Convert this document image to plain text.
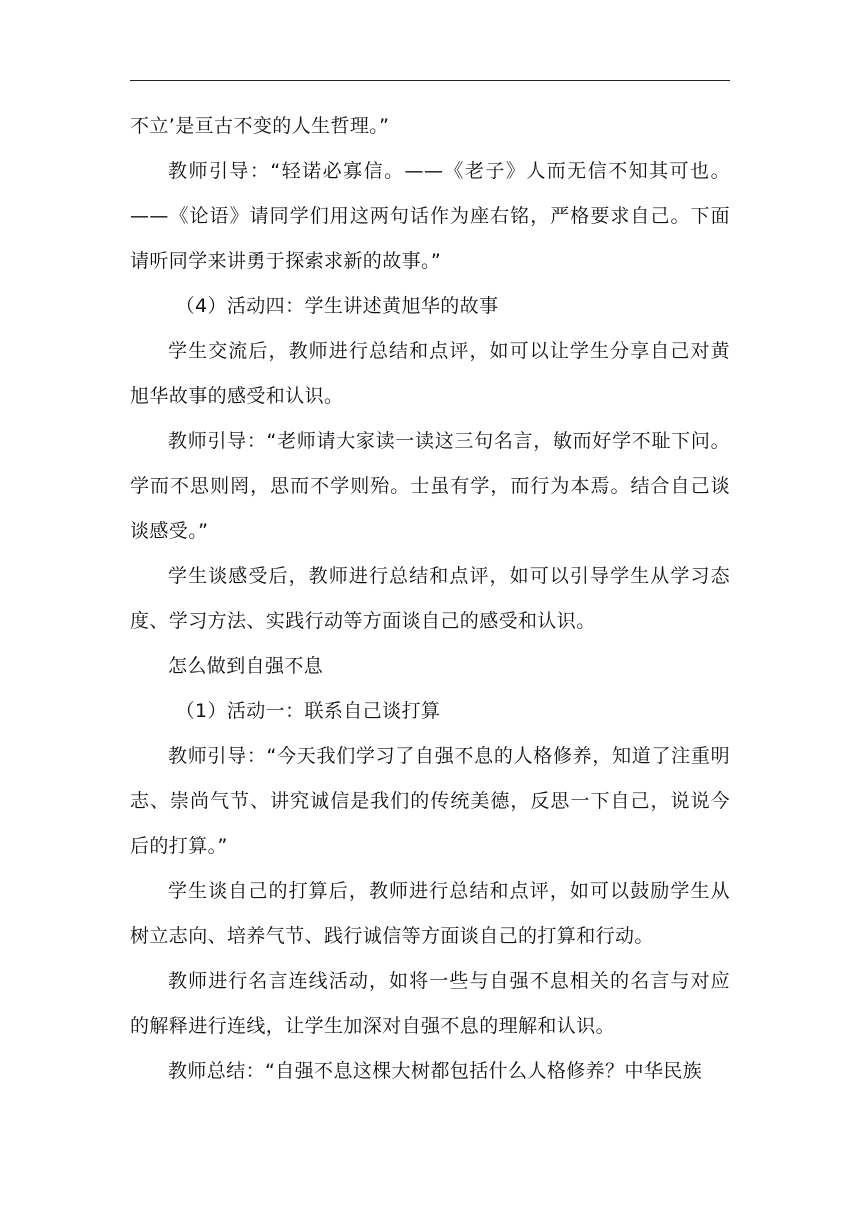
不立’是亘古不变的人生哲理。”

教师引导：“轻诺必寡信。——《老子》人而无信不知其可也。——《论语》请同学们用这两句话作为座右铭，严格要求自己。下面请听同学来讲勇于探索求新的故事。”

（4）活动四：学生讲述黄旭华的故事

学生交流后，教师进行总结和点评，如可以让学生分享自己对黄旭华故事的感受和认识。

教师引导：“老师请大家读一读这三句名言，敏而好学不耻下问。学而不思则罔，思而不学则殆。士虽有学，而行为本焉。结合自己谈谈感受。”

学生谈感受后，教师进行总结和点评，如可以引导学生从学习态度、学习方法、实践行动等方面谈自己的感受和认识。

怎么做到自强不息

（1）活动一：联系自己谈打算

教师引导：“今天我们学习了自强不息的人格修养，知道了注重明志、崇尚气节、讲究诚信是我们的传统美德，反思一下自己，说说今后的打算。”

学生谈自己的打算后，教师进行总结和点评，如可以鼓励学生从树立志向、培养气节、践行诚信等方面谈自己的打算和行动。

教师进行名言连线活动，如将一些与自强不息相关的名言与对应的解释进行连线，让学生加深对自强不息的理解和认识。

教师总结：“自强不息这棵大树都包括什么人格修养？中华民族
